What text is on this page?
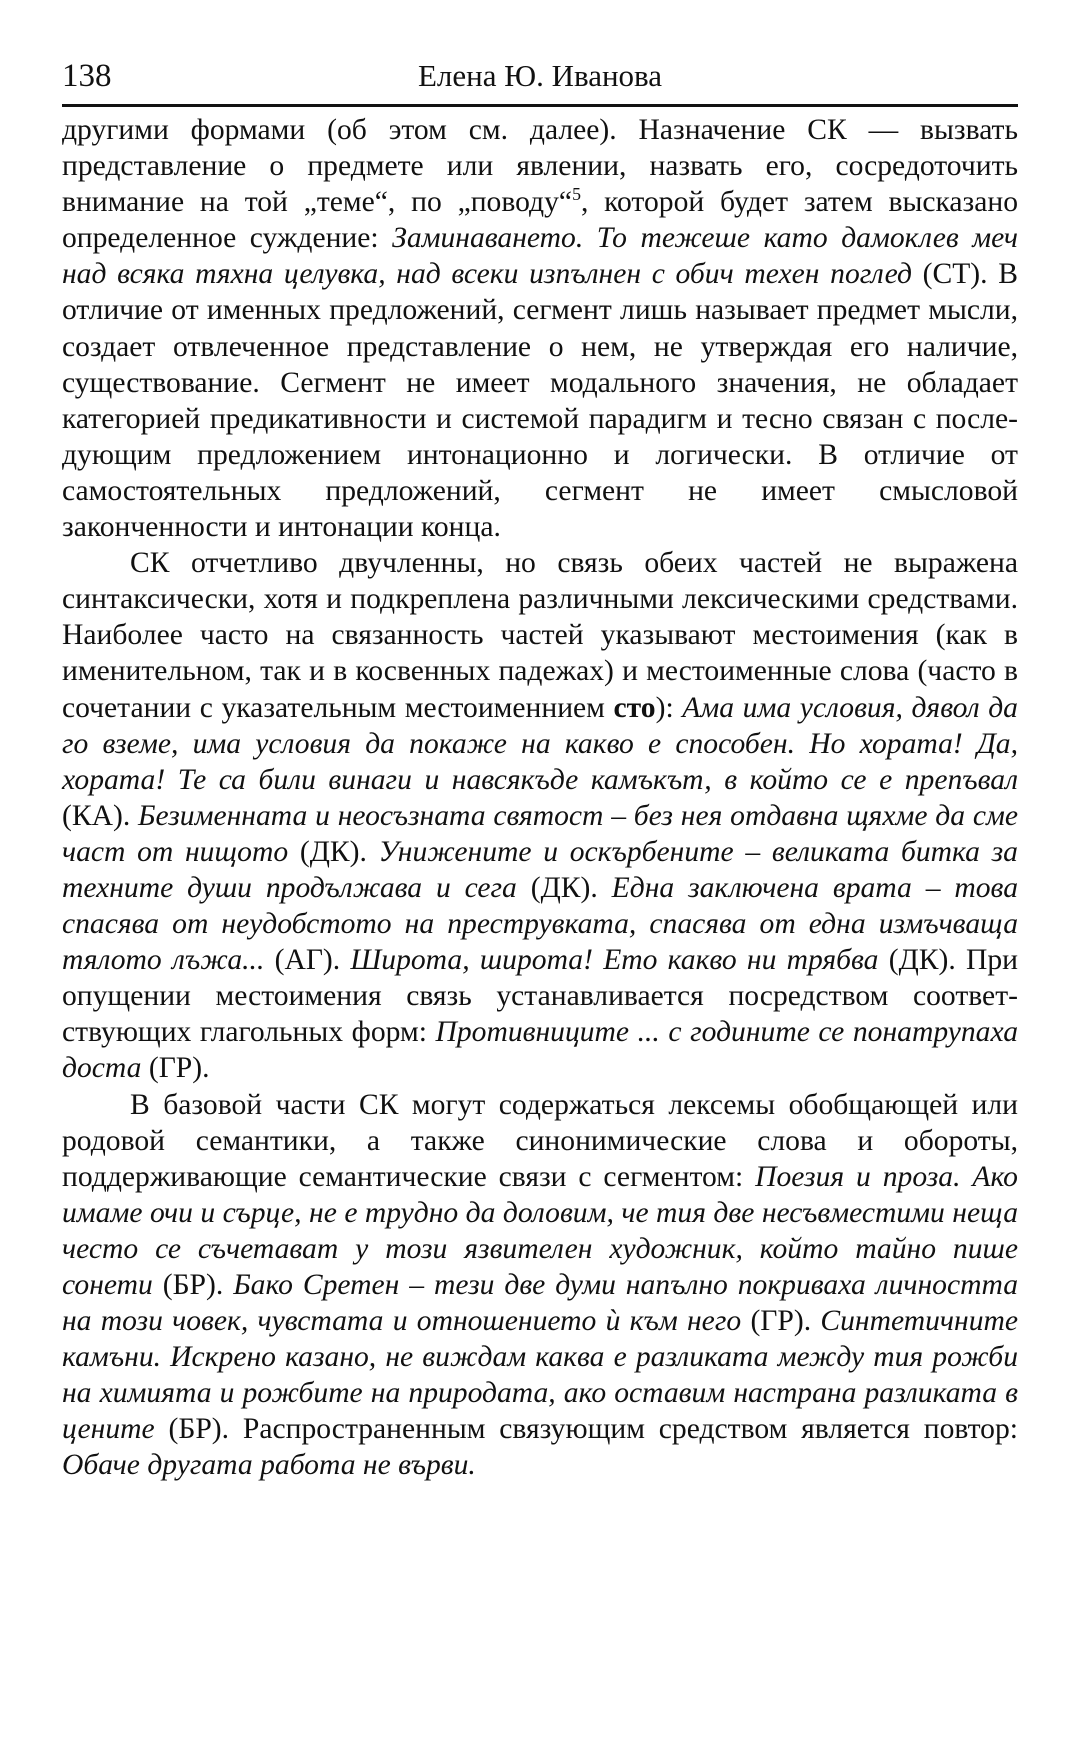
138	Елена Ю. Иванова

другими формами (об этом см. далее). Назначение СК — вызвать представление о предмете или явлении, назвать его, сосредоточить внимание на той „теме“, по „поводу“$^5$, которой будет затем высказано определенное суждение: Заминаването. То тежеше като дамоклев меч над всяка тяхна целувка, над всеки изпълнен с обич техен поглед (СТ). В отличие от именных предложений, сегмент лишь называет предмет мысли, создает отвлеченное представление о нем, не утверждая его наличие, существование. Сегмент не имеет модального значения, не обладает категорией предикативности и системой парадигм и тесно связан с последующим предложением интонационно и логически. В отличие от самостоятельных предложений, сегмент не имеет смысловой законченности и интонации конца.

СК отчетливо двучленны, но связь обеих частей не выражена синтаксически, хотя и подкреплена различными лексическими средствами. Наиболее часто на связанность частей указывают местоимения (как в именительном, так и в косвенных падежах) и местоименные слова (часто в сочетании с указательным местоименнием сто): Ама има условия, дявол да го вземе, има условия да покаже на какво е способен. Но хората! Да, хората! Те са били винаги и навсякъде камъкът, в който се е препъвал (КА). Безименната и неосъзната святост – без нея отдавна щяхме да сме част от нищото (ДК). Унижените и оскърбените – великата битка за техните души продължава и сега (ДК). Една заключена врата – това спасява от неудобстото на преструвката, спасява от една измъчваща тялото лъжа... (АГ). Широта, широта! Ето какво ни трябва (ДК). При опущении местоимения связь устанавливается посредством соответствующих глагольных форм: Противниците ... с годините се понатрупаха доста (ГР).

В базовой части СК могут содержаться лексемы обобщающей или родовой семантики, а также синонимические слова и обороты, поддерживающие семантические связи с сегментом: Поезия и проза. Ако имаме очи и сърце, не е трудно да доловим, че тия две несъвместими неща често се съчетават у този язвителен художник, който тайно пише сонети (БР). Бако Сретен – тези две думи напълно покриваха личността на този човек, чувстата и отношението ѝ към него (ГР). Синтетичните камъни. Искрено казано, не виждам каква е разликата между тия рожби на химията и рожбите на природата, ако оставим настрана разликата в цените (БР). Распространенным связующим средством является повтор: Обаче другата работа не върви.
